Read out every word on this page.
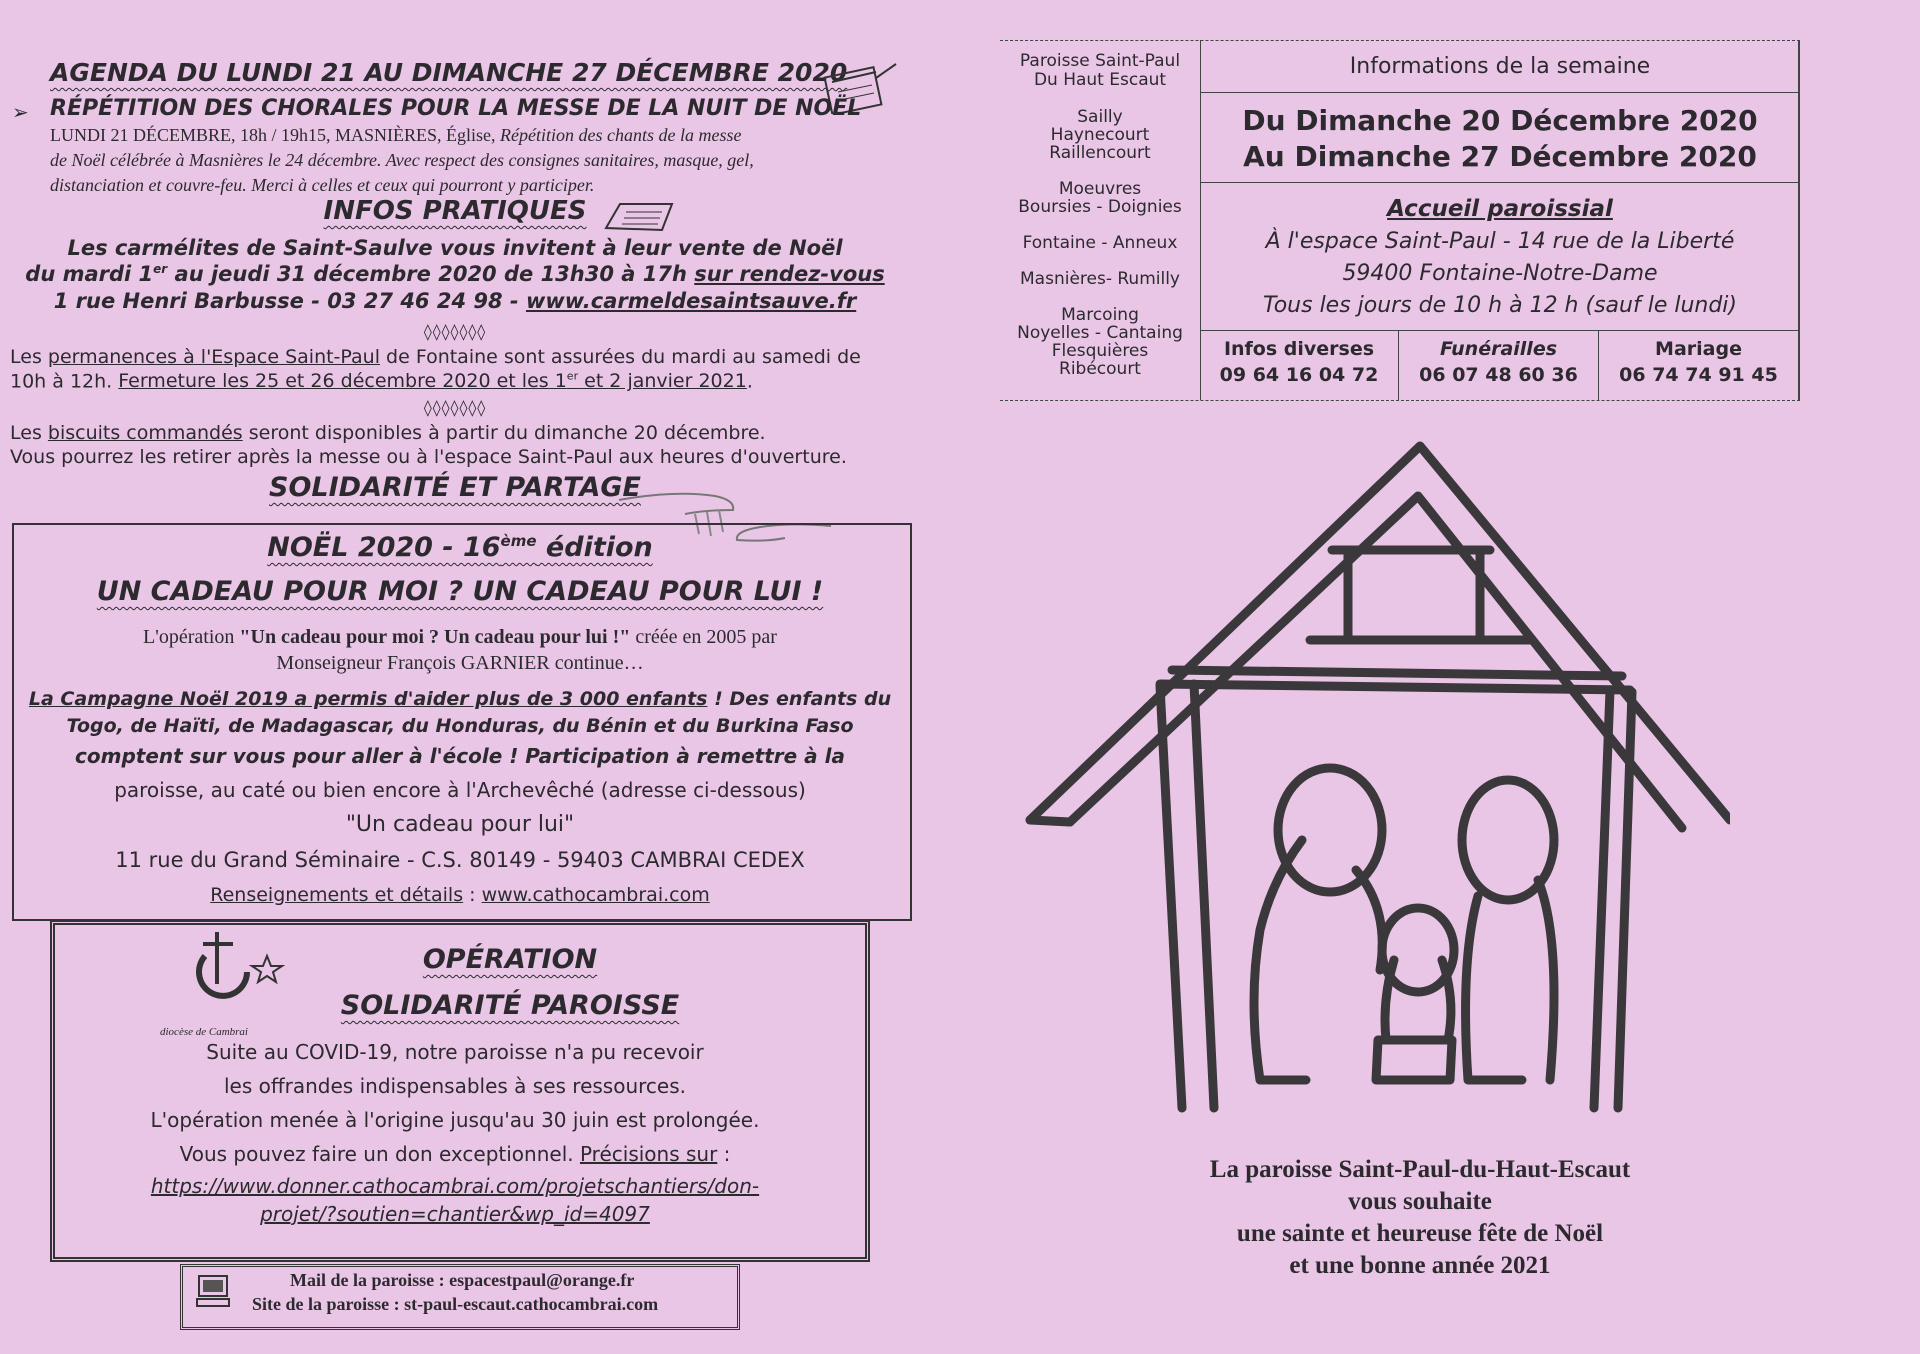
AGENDA DU LUNDI 21 AU DIMANCHE 27 DÉCEMBRE 2020
➢ RÉPÉTITION DES CHORALES POUR LA MESSE DE LA NUIT DE NOËL
LUNDI 21 DÉCEMBRE, 18h / 19h15, MASNIÈRES, Église, Répétition des chants de la messe
de Noël célébrée à Masnières le 24 décembre. Avec respect des consignes sanitaires, masque, gel,
distanciation et couvre-feu. Merci à celles et ceux qui pourront y participer.
INFOS PRATIQUES
Les carmélites de Saint-Saulve vous invitent à leur vente de Noël
du mardi 1er au jeudi 31 décembre 2020 de 13h30 à 17h sur rendez-vous
1 rue Henri Barbusse - 03 27 46 24 98 - www.carmeldesaintsauve.fr
◊◊◊◊◊◊◊
Les permanences à l'Espace Saint-Paul de Fontaine sont assurées du mardi au samedi de
10h à 12h. Fermeture les 25 et 26 décembre 2020 et les 1er et 2 janvier 2021.
◊◊◊◊◊◊◊
Les biscuits commandés seront disponibles à partir du dimanche 20 décembre.
Vous pourrez les retirer après la messe ou à l'espace Saint-Paul aux heures d'ouverture.
SOLIDARITÉ ET PARTAGE
NOËL 2020 - 16ème édition
UN CADEAU POUR MOI ? UN CADEAU POUR LUI !
L'opération "Un cadeau pour moi ? Un cadeau pour lui !" créée en 2005 par
Monseigneur François GARNIER continue…
La Campagne Noël 2019 a permis d'aider plus de 3 000 enfants ! Des enfants du
Togo, de Haïti, de Madagascar, du Honduras, du Bénin et du Burkina Faso
comptent sur vous pour aller à l'école ! Participation à remettre à la
paroisse, au caté ou bien encore à l'Archevêché (adresse ci-dessous)
"Un cadeau pour lui"
11 rue du Grand Séminaire - C.S. 80149 - 59403 CAMBRAI CEDEX
Renseignements et détails : www.cathocambrai.com
diocèse de Cambrai
OPÉRATION
SOLIDARITÉ PAROISSE
Suite au COVID-19, notre paroisse n'a pu recevoir
les offrandes indispensables à ses ressources.
L'opération menée à l'origine jusqu'au 30 juin est prolongée.
Vous pouvez faire un don exceptionnel. Précisions sur :
https://www.donner.cathocambrai.com/projetschantiers/don-
projet/?soutien=chantier&wp_id=4097
Mail de la paroisse : espacestpaul@orange.fr
Site de la paroisse : st-paul-escaut.cathocambrai.com
Paroisse Saint-Paul
Du Haut Escaut
Sailly
Haynecourt
Raillencourt
Moeuvres
Boursies - Doignies
Fontaine - Anneux
Masnières- Rumilly
Marcoing
Noyelles - Cantaing
Flesquières
Ribécourt
Informations de la semaine
Du Dimanche 20 Décembre 2020
Au Dimanche 27 Décembre 2020
Accueil paroissial
À l'espace Saint-Paul - 14 rue de la Liberté
59400 Fontaine-Notre-Dame
Tous les jours de 10 h à 12 h (sauf le lundi)
Infos diverses
09 64 16 04 72
Funérailles
06 07 48 60 36
Mariage
06 74 74 91 45
La paroisse Saint-Paul-du-Haut-Escaut
vous souhaite
une sainte et heureuse fête de Noël
et une bonne année 2021
